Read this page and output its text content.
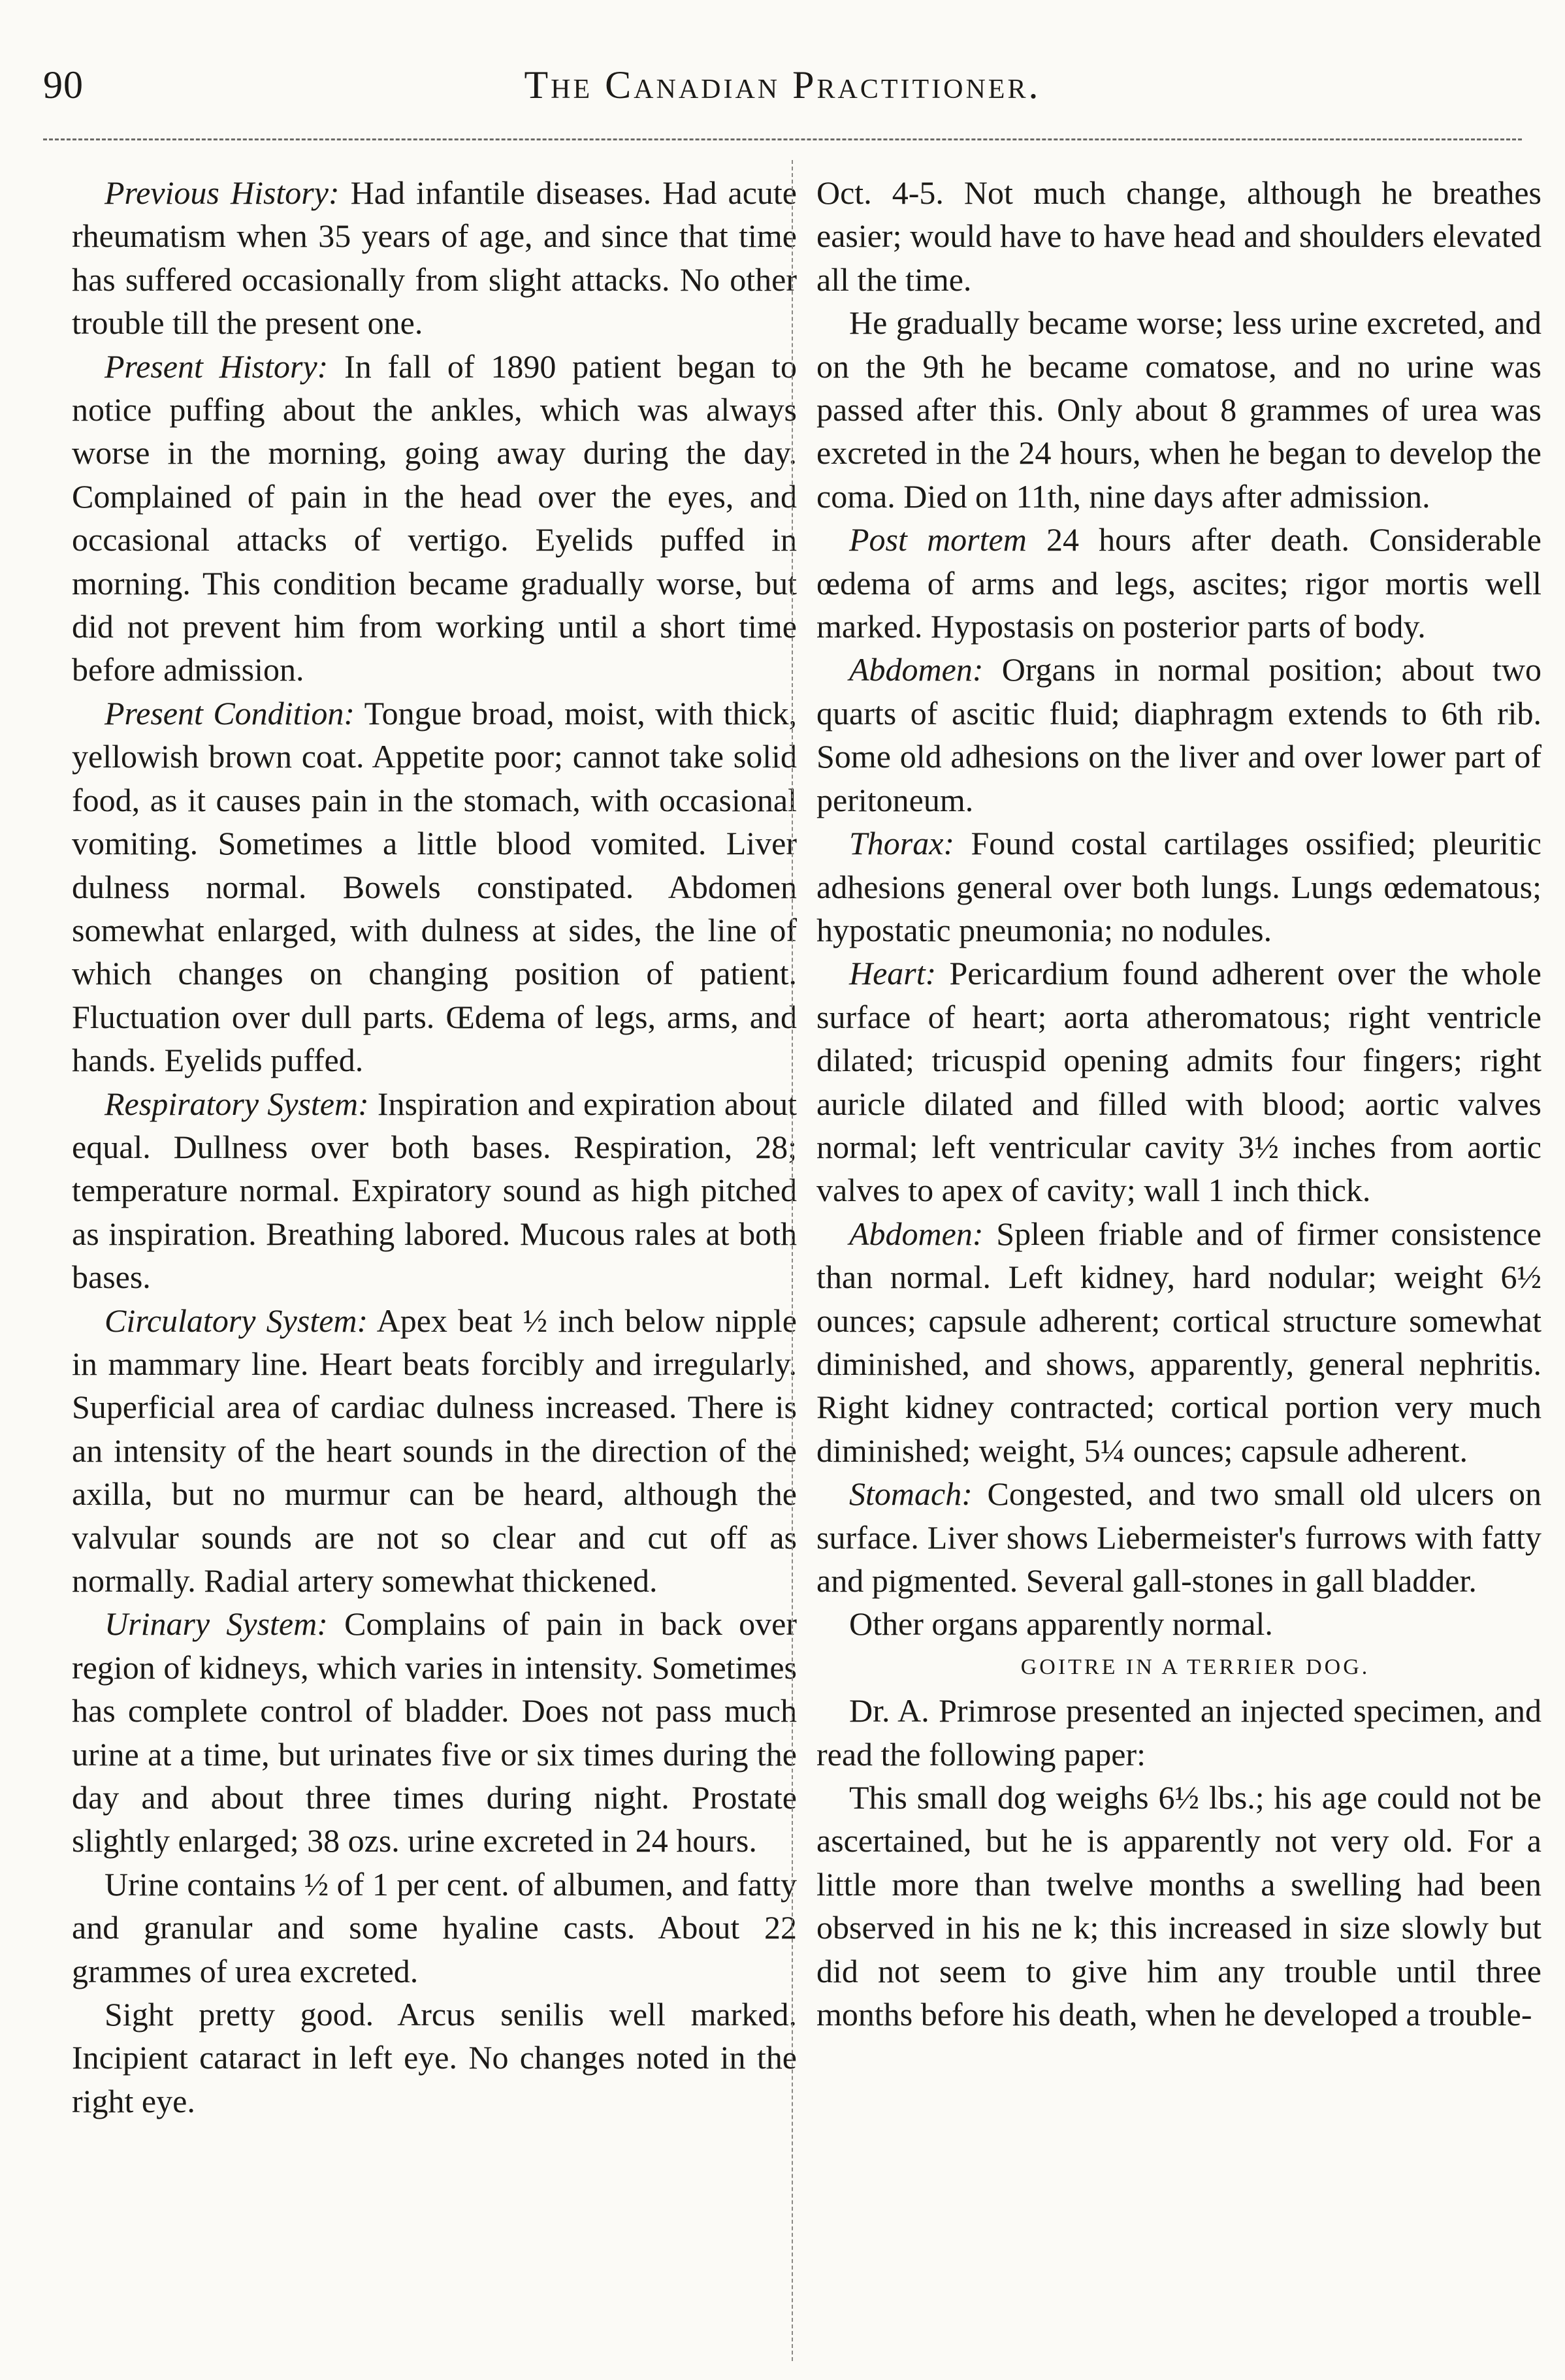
90	The Canadian Practitioner.

Previous History: Had infantile diseases. Had acute rheumatism when 35 years of age, and since that time has suffered occasionally from slight attacks. No other trouble till the present one.

Present History: In fall of 1890 patient began to notice puffing about the ankles, which was always worse in the morning, going away during the day. Complained of pain in the head over the eyes, and occasional attacks of vertigo. Eyelids puffed in morning. This condition became gradually worse, but did not prevent him from working until a short time before admission.

Present Condition: Tongue broad, moist, with thick, yellowish brown coat. Appetite poor; cannot take solid food, as it causes pain in the stomach, with occasional vomiting. Sometimes a little blood vomited. Liver dulness normal. Bowels constipated. Abdomen somewhat enlarged, with dulness at sides, the line of which changes on changing position of patient. Fluctuation over dull parts. Œdema of legs, arms, and hands. Eyelids puffed.

Respiratory System: Inspiration and expiration about equal. Dullness over both bases. Respiration, 28; temperature normal. Expiratory sound as high pitched as inspiration. Breathing labored. Mucous rales at both bases.

Circulatory System: Apex beat ½ inch below nipple in mammary line. Heart beats forcibly and irregularly. Superficial area of cardiac dulness increased. There is an intensity of the heart sounds in the direction of the axilla, but no murmur can be heard, although the valvular sounds are not so clear and cut off as normally. Radial artery somewhat thickened.

Urinary System: Complains of pain in back over region of kidneys, which varies in intensity. Sometimes has complete control of bladder. Does not pass much urine at a time, but urinates five or six times during the day and about three times during night. Prostate slightly enlarged; 38 ozs. urine excreted in 24 hours.

Urine contains ½ of 1 per cent. of albumen, and fatty and granular and some hyaline casts. About 22 grammes of urea excreted.

Sight pretty good. Arcus senilis well marked. Incipient cataract in left eye. No changes noted in the right eye.

Oct. 4-5. Not much change, although he breathes easier; would have to have head and shoulders elevated all the time.

He gradually became worse; less urine excreted, and on the 9th he became comatose, and no urine was passed after this. Only about 8 grammes of urea was excreted in the 24 hours, when he began to develop the coma. Died on 11th, nine days after admission.

Post mortem 24 hours after death. Considerable œdema of arms and legs, ascites; rigor mortis well marked. Hypostasis on posterior parts of body.

Abdomen: Organs in normal position; about two quarts of ascitic fluid; diaphragm extends to 6th rib. Some old adhesions on the liver and over lower part of peritoneum.

Thorax: Found costal cartilages ossified; pleuritic adhesions general over both lungs. Lungs œdematous; hypostatic pneumonia; no nodules.

Heart: Pericardium found adherent over the whole surface of heart; aorta atheromatous; right ventricle dilated; tricuspid opening admits four fingers; right auricle dilated and filled with blood; aortic valves normal; left ventricular cavity 3½ inches from aortic valves to apex of cavity; wall 1 inch thick.

Abdomen: Spleen friable and of firmer consistence than normal. Left kidney, hard nodular; weight 6½ ounces; capsule adherent; cortical structure somewhat diminished, and shows, apparently, general nephritis. Right kidney contracted; cortical portion very much diminished; weight, 5¼ ounces; capsule adherent.

Stomach: Congested, and two small old ulcers on surface. Liver shows Liebermeister's furrows with fatty and pigmented. Several gall-stones in gall bladder.

Other organs apparently normal.

GOITRE IN A TERRIER DOG.

Dr. A. Primrose presented an injected specimen, and read the following paper:

This small dog weighs 6½ lbs.; his age could not be ascertained, but he is apparently not very old. For a little more than twelve months a swelling had been observed in his ne k; this increased in size slowly but did not seem to give him any trouble until three months before his death, when he developed a trouble-
